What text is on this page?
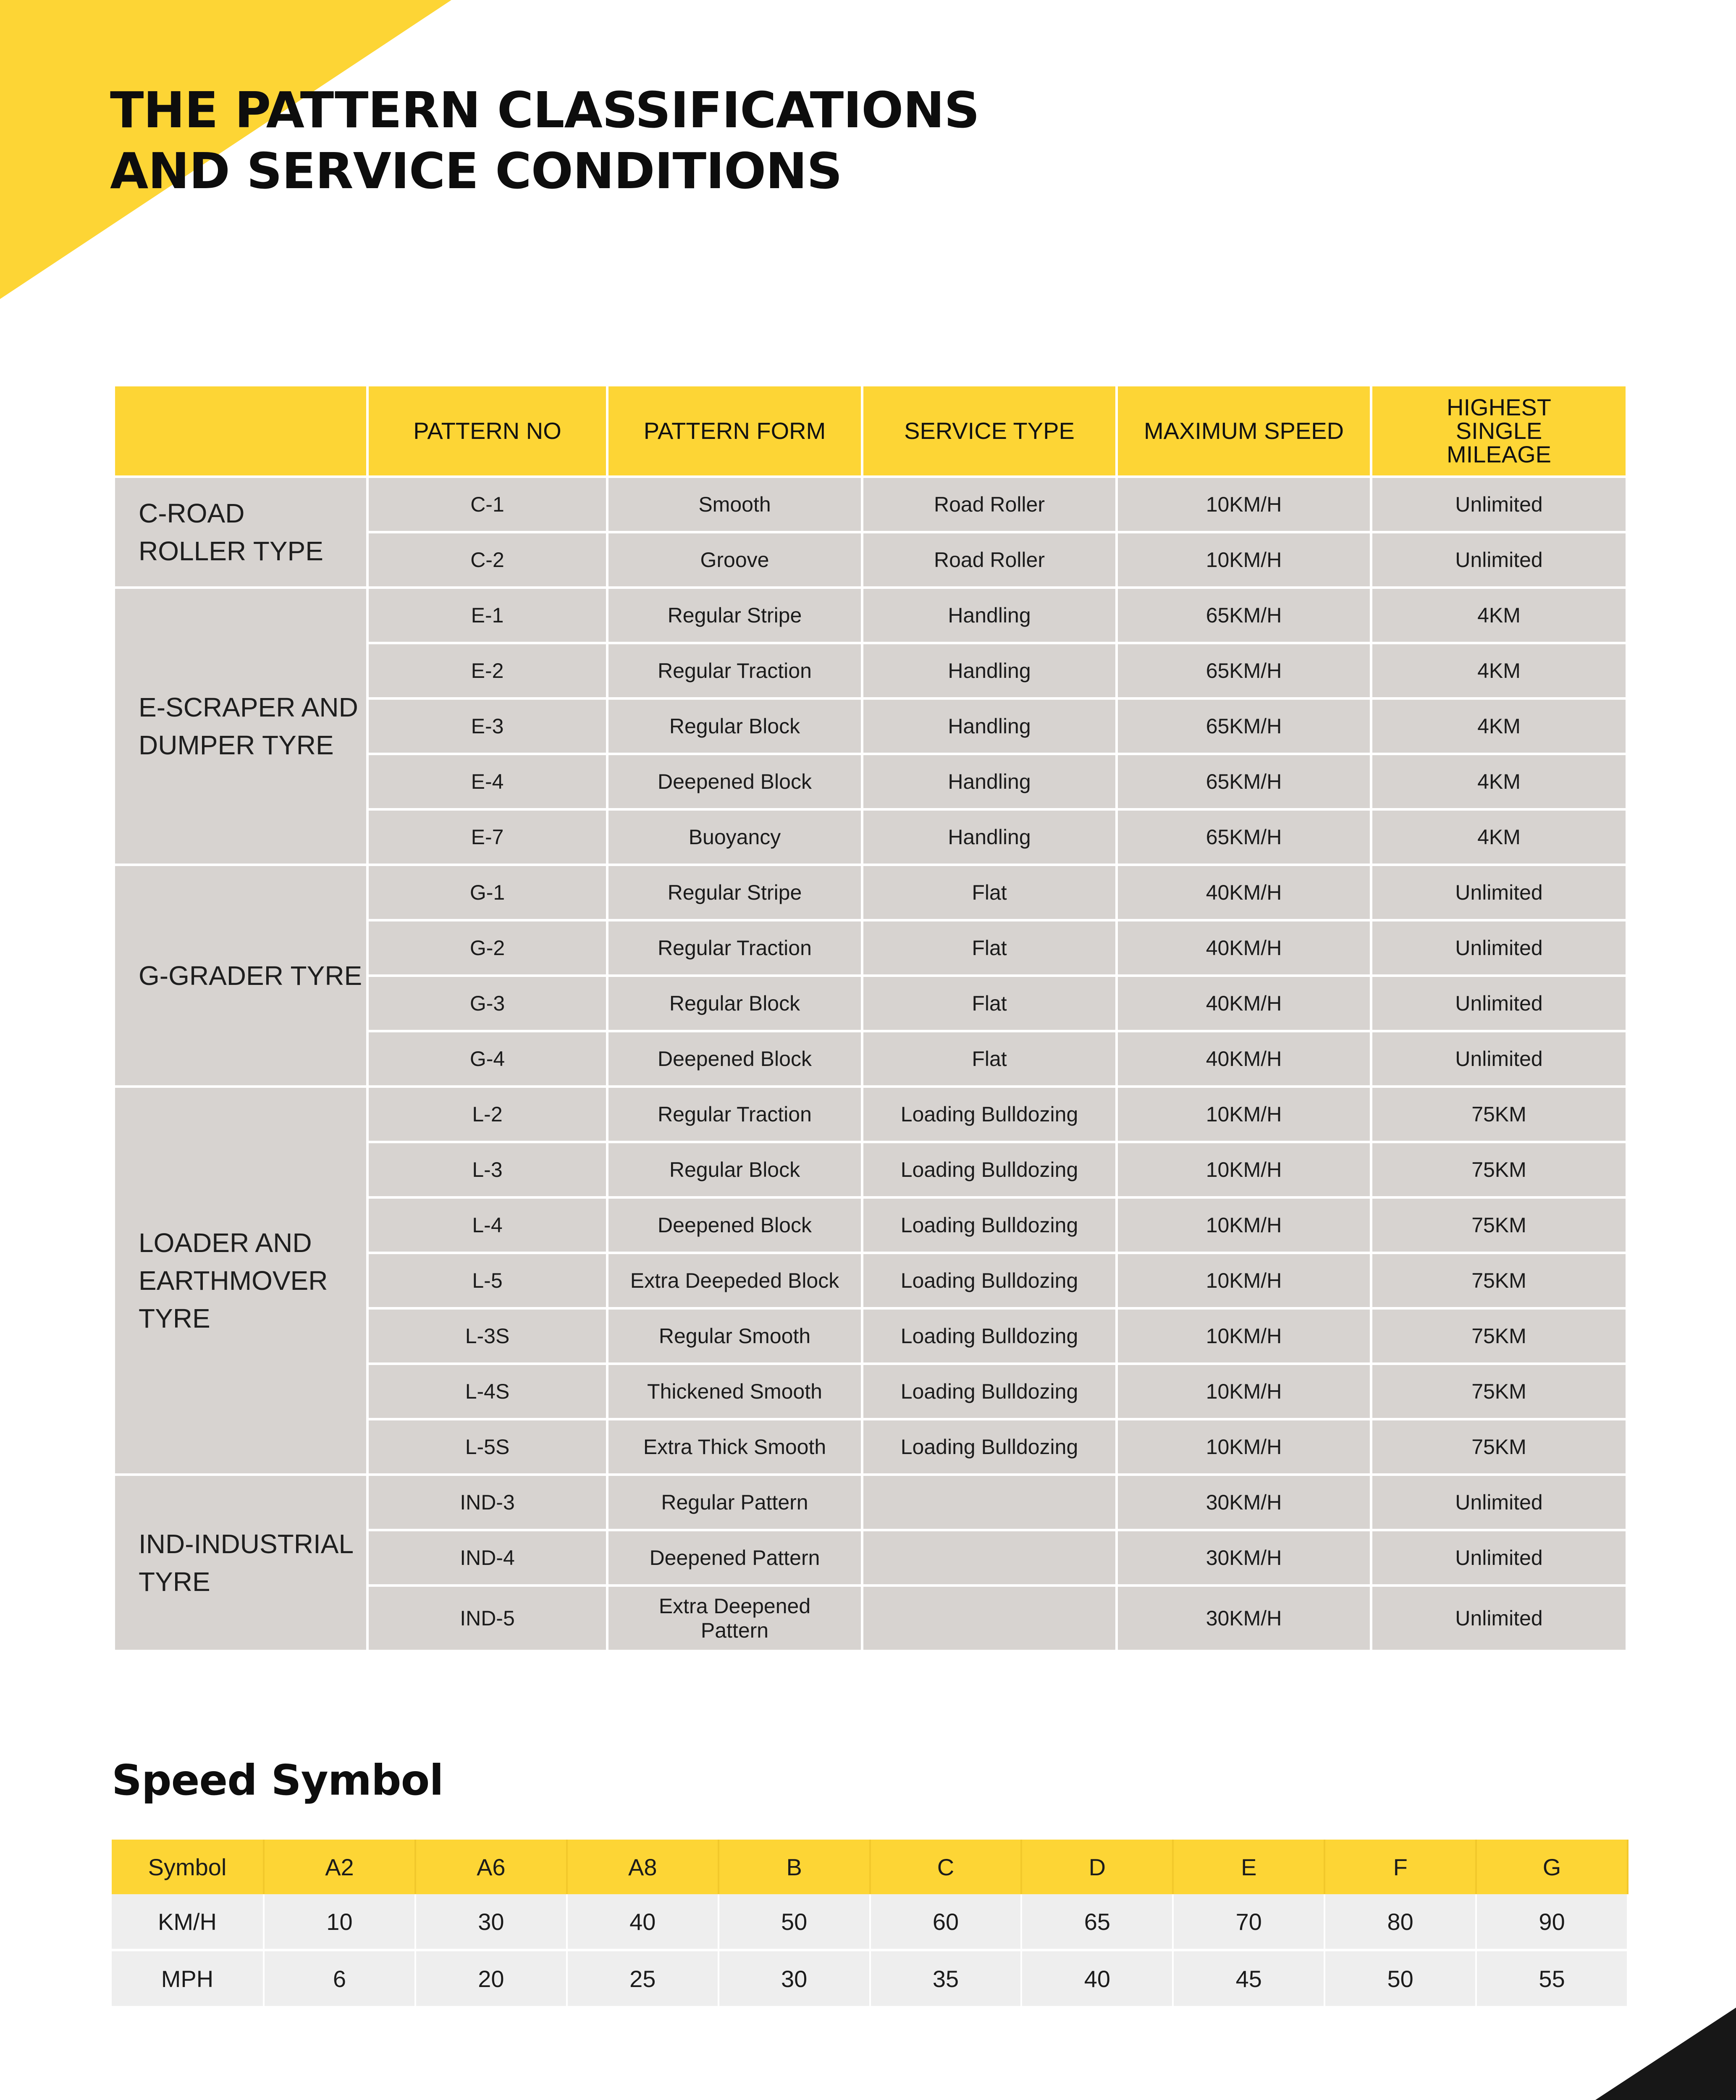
THE PATTERN CLASSIFICATIONS
AND SERVICE CONDITIONS
	PATTERN NO	PATTERN FORM	SERVICE TYPE	MAXIMUM SPEED	HIGHEST SINGLE MILEAGE

C-ROAD
ROLLER TYPE	C-1	Smooth	Road Roller	10KM/H	Unlimited
	C-2	Groove	Road Roller	10KM/H	Unlimited

E-SCRAPER AND
DUMPER TYRE	E-1	Regular Stripe	Handling	65KM/H	4KM
	E-2	Regular Traction	Handling	65KM/H	4KM
	E-3	Regular Block	Handling	65KM/H	4KM
	E-4	Deepened Block	Handling	65KM/H	4KM
	E-7	Buoyancy	Handling	65KM/H	4KM

G-GRADER TYRE	G-1	Regular Stripe	Flat	40KM/H	Unlimited
	G-2	Regular Traction	Flat	40KM/H	Unlimited
	G-3	Regular Block	Flat	40KM/H	Unlimited
	G-4	Deepened Block	Flat	40KM/H	Unlimited

LOADER AND
EARTHMOVER
TYRE	L-2	Regular Traction	Loading Bulldozing	10KM/H	75KM
	L-3	Regular Block	Loading Bulldozing	10KM/H	75KM
	L-4	Deepened Block	Loading Bulldozing	10KM/H	75KM
	L-5	Extra Deepeded Block	Loading Bulldozing	10KM/H	75KM
	L-3S	Regular Smooth	Loading Bulldozing	10KM/H	75KM
	L-4S	Thickened Smooth	Loading Bulldozing	10KM/H	75KM
	L-5S	Extra Thick Smooth	Loading Bulldozing	10KM/H	75KM

IND-INDUSTRIAL
TYRE	IND-3	Regular Pattern		30KM/H	Unlimited
	IND-4	Deepened Pattern		30KM/H	Unlimited
	IND-5	Extra Deepened Pattern		30KM/H	Unlimited
Speed Symbol
Symbol	A2	A6	A8	B	C	D	E	F	G
KM/H	10	30	40	50	60	65	70	80	90
MPH	6	20	25	30	35	40	45	50	55
